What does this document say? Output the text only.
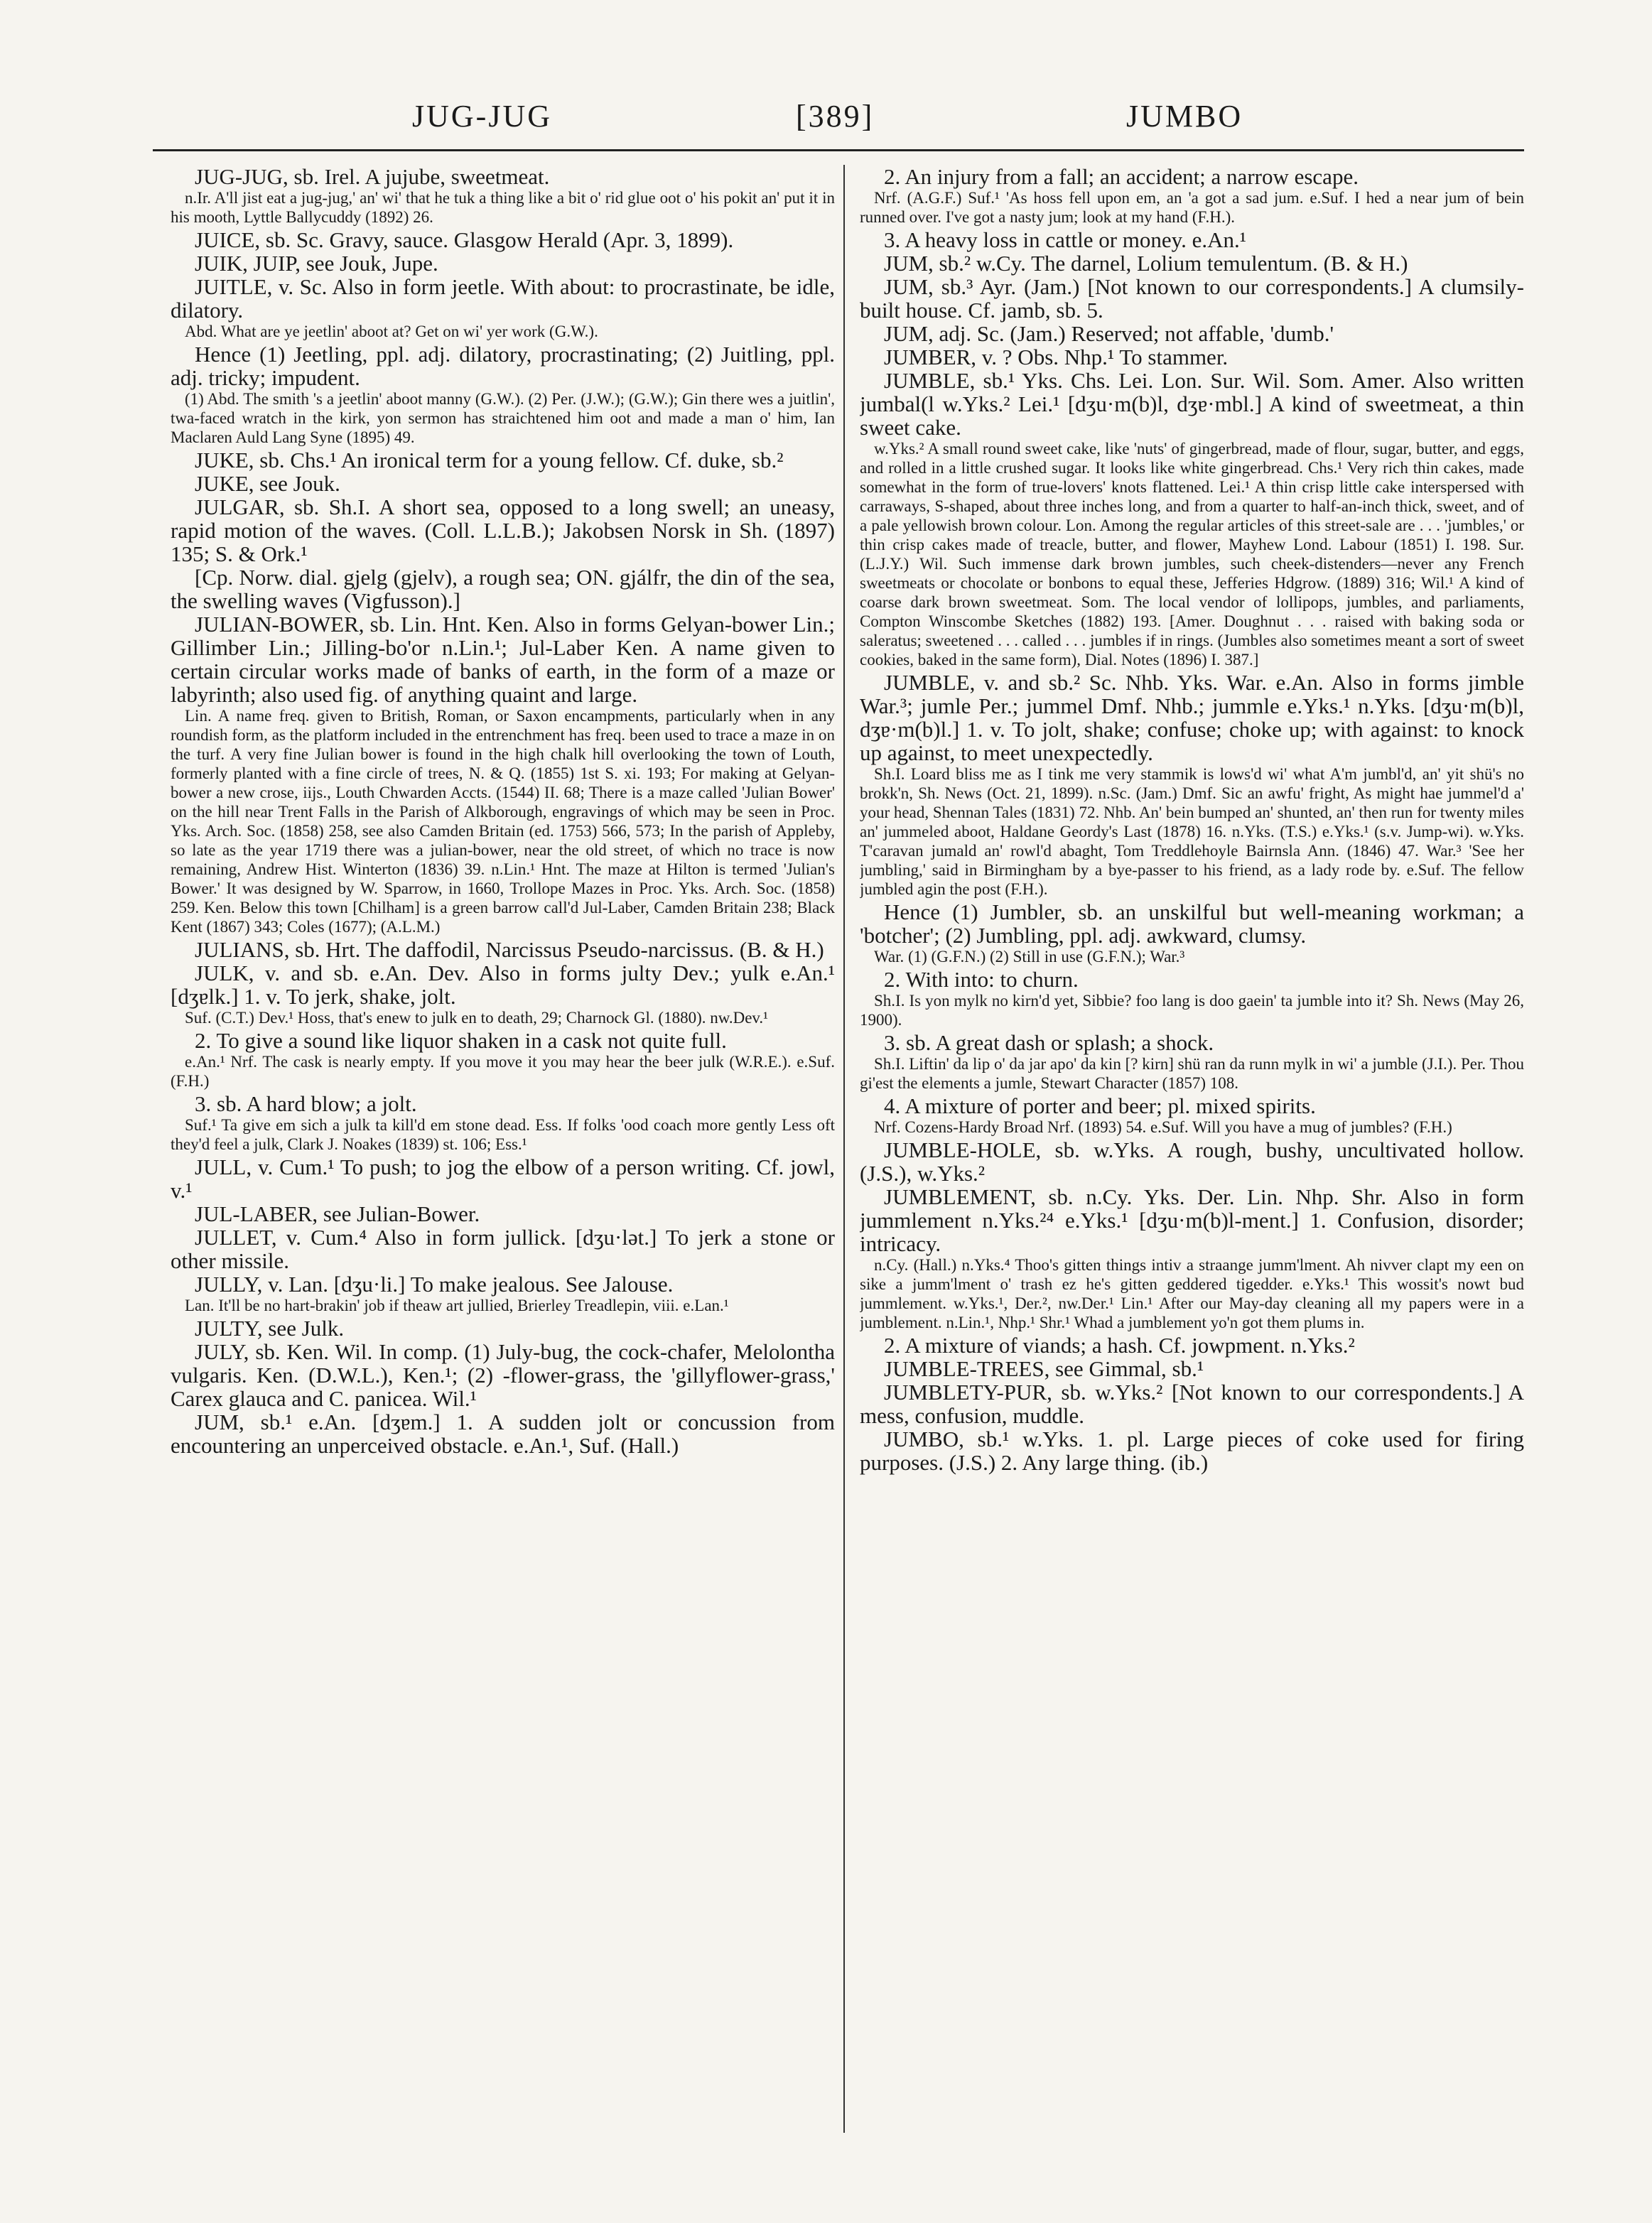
JUG-JUG	[389]	JUMBO

JUG-JUG, sb. Irel. A jujube, sweetmeat.

n.Ir. A'll jist eat a jug-jug,' an' wi' that he tuk a thing like a bit o' rid glue oot o' his pokit an' put it in his mooth, Lyttle Ballycuddy (1892) 26.

JUICE, sb. Sc. Gravy, sauce. Glasgow Herald (Apr. 3, 1899).

JUIK, JUIP, see Jouk, Jupe.

JUITLE, v. Sc. Also in form jeetle. With about: to procrastinate, be idle, dilatory.

Abd. What are ye jeetlin' aboot at? Get on wi' yer work (G.W.).

Hence (1) Jeetling, ppl. adj. dilatory, procrastinating; (2) Juitling, ppl. adj. tricky; impudent.

(1) Abd. The smith 's a jeetlin' aboot manny (G.W.). (2) Per. (J.W.); (G.W.); Gin there wes a juitlin', twa-faced wratch in the kirk, yon sermon has straichtened him oot and made a man o' him, Ian Maclaren Auld Lang Syne (1895) 49.

JUKE, sb. Chs.¹ An ironical term for a young fellow. Cf. duke, sb.²

JUKE, see Jouk.

JULGAR, sb. Sh.I. A short sea, opposed to a long swell; an uneasy, rapid motion of the waves. (Coll. L.L.B.); Jakobsen Norsk in Sh. (1897) 135; S. & Ork.¹

[Cp. Norw. dial. gjelg (gjelv), a rough sea; ON. gjálfr, the din of the sea, the swelling waves (Vigfusson).]

JULIAN-BOWER, sb. Lin. Hnt. Ken. Also in forms Gelyan-bower Lin.; Gillimber Lin.; Jilling-bo'or n.Lin.¹; Jul-Laber Ken. A name given to certain circular works made of banks of earth, in the form of a maze or labyrinth; also used fig. of anything quaint and large.

Lin. A name freq. given to British, Roman, or Saxon encampments, particularly when in any roundish form, as the platform included in the entrenchment has freq. been used to trace a maze in on the turf. A very fine Julian bower is found in the high chalk hill overlooking the town of Louth, formerly planted with a fine circle of trees, N. & Q. (1855) 1st S. xi. 193; For making at Gelyan-bower a new crose, iijs., Louth Chwarden Accts. (1544) II. 68; There is a maze called 'Julian Bower' on the hill near Trent Falls in the Parish of Alkborough, engravings of which may be seen in Proc. Yks. Arch. Soc. (1858) 258, see also Camden Britain (ed. 1753) 566, 573; In the parish of Appleby, so late as the year 1719 there was a julian-bower, near the old street, of which no trace is now remaining, Andrew Hist. Winterton (1836) 39. n.Lin.¹ Hnt. The maze at Hilton is termed 'Julian's Bower.' It was designed by W. Sparrow, in 1660, Trollope Mazes in Proc. Yks. Arch. Soc. (1858) 259. Ken. Below this town [Chilham] is a green barrow call'd Jul-Laber, Camden Britain 238; Black Kent (1867) 343; Coles (1677); (A.L.M.)

JULIANS, sb. Hrt. The daffodil, Narcissus Pseudo-narcissus. (B. & H.)

JULK, v. and sb. e.An. Dev. Also in forms julty Dev.; yulk e.An.¹ [dʒɐlk.] 1. v. To jerk, shake, jolt.

Suf. (C.T.) Dev.¹ Hoss, that's enew to julk en to death, 29; Charnock Gl. (1880). nw.Dev.¹

2. To give a sound like liquor shaken in a cask not quite full.

e.An.¹ Nrf. The cask is nearly empty. If you move it you may hear the beer julk (W.R.E.). e.Suf. (F.H.)

3. sb. A hard blow; a jolt.

Suf.¹ Ta give em sich a julk ta kill'd em stone dead. Ess. If folks 'ood coach more gently Less oft they'd feel a julk, Clark J. Noakes (1839) st. 106; Ess.¹

JULL, v. Cum.¹ To push; to jog the elbow of a person writing. Cf. jowl, v.¹

JUL-LABER, see Julian-Bower.

JULLET, v. Cum.⁴ Also in form jullick. [dʒu·lət.] To jerk a stone or other missile.

JULLY, v. Lan. [dʒu·li.] To make jealous. See Jalouse.

Lan. It'll be no hart-brakin' job if theaw art jullied, Brierley Treadlepin, viii. e.Lan.¹

JULTY, see Julk.

JULY, sb. Ken. Wil. In comp. (1) July-bug, the cock-chafer, Melolontha vulgaris. Ken. (D.W.L.), Ken.¹; (2) -flower-grass, the 'gillyflower-grass,' Carex glauca and C. panicea. Wil.¹

JUM, sb.¹ e.An. [dʒɐm.] 1. A sudden jolt or concussion from encountering an unperceived obstacle. e.An.¹, Suf. (Hall.)

2. An injury from a fall; an accident; a narrow escape.

Nrf. (A.G.F.) Suf.¹ 'As hoss fell upon em, an 'a got a sad jum. e.Suf. I hed a near jum of bein runned over. I've got a nasty jum; look at my hand (F.H.).

3. A heavy loss in cattle or money. e.An.¹

JUM, sb.² w.Cy. The darnel, Lolium temulentum. (B. & H.)

JUM, sb.³ Ayr. (Jam.) [Not known to our correspondents.] A clumsily-built house. Cf. jamb, sb. 5.

JUM, adj. Sc. (Jam.) Reserved; not affable, 'dumb.'

JUMBER, v. ? Obs. Nhp.¹ To stammer.

JUMBLE, sb.¹ Yks. Chs. Lei. Lon. Sur. Wil. Som. Amer. Also written jumbal(l w.Yks.² Lei.¹ [dʒu·m(b)l, dʒɐ·mbl.] A kind of sweetmeat, a thin sweet cake.

w.Yks.² A small round sweet cake, like 'nuts' of gingerbread, made of flour, sugar, butter, and eggs, and rolled in a little crushed sugar. It looks like white gingerbread. Chs.¹ Very rich thin cakes, made somewhat in the form of true-lovers' knots flattened. Lei.¹ A thin crisp little cake interspersed with carraways, S-shaped, about three inches long, and from a quarter to half-an-inch thick, sweet, and of a pale yellowish brown colour. Lon. Among the regular articles of this street-sale are . . . 'jumbles,' or thin crisp cakes made of treacle, butter, and flower, Mayhew Lond. Labour (1851) I. 198. Sur. (L.J.Y.) Wil. Such immense dark brown jumbles, such cheek-distenders—never any French sweetmeats or chocolate or bonbons to equal these, Jefferies Hdgrow. (1889) 316; Wil.¹ A kind of coarse dark brown sweetmeat. Som. The local vendor of lollipops, jumbles, and parliaments, Compton Winscombe Sketches (1882) 193. [Amer. Doughnut . . . raised with baking soda or saleratus; sweetened . . . called . . . jumbles if in rings. (Jumbles also sometimes meant a sort of sweet cookies, baked in the same form), Dial. Notes (1896) I. 387.]

JUMBLE, v. and sb.² Sc. Nhb. Yks. War. e.An. Also in forms jimble War.³; jumle Per.; jummel Dmf. Nhb.; jummle e.Yks.¹ n.Yks. [dʒu·m(b)l, dʒɐ·m(b)l.] 1. v. To jolt, shake; confuse; choke up; with against: to knock up against, to meet unexpectedly.

Sh.I. Loard bliss me as I tink me very stammik is lows'd wi' what A'm jumbl'd, an' yit shü's no brokk'n, Sh. News (Oct. 21, 1899). n.Sc. (Jam.) Dmf. Sic an awfu' fright, As might hae jummel'd a' your head, Shennan Tales (1831) 72. Nhb. An' bein bumped an' shunted, an' then run for twenty miles an' jummeled aboot, Haldane Geordy's Last (1878) 16. n.Yks. (T.S.) e.Yks.¹ (s.v. Jump-wi). w.Yks. T'caravan jumald an' rowl'd abaght, Tom Treddlehoyle Bairnsla Ann. (1846) 47. War.³ 'See her jumbling,' said in Birmingham by a bye-passer to his friend, as a lady rode by. e.Suf. The fellow jumbled agin the post (F.H.).

Hence (1) Jumbler, sb. an unskilful but well-meaning workman; a 'botcher'; (2) Jumbling, ppl. adj. awkward, clumsy.

War. (1) (G.F.N.) (2) Still in use (G.F.N.); War.³

2. With into: to churn.

Sh.I. Is yon mylk no kirn'd yet, Sibbie? foo lang is doo gaein' ta jumble into it? Sh. News (May 26, 1900).

3. sb. A great dash or splash; a shock.

Sh.I. Liftin' da lip o' da jar apo' da kin [? kirn] shü ran da runn mylk in wi' a jumble (J.I.). Per. Thou gi'est the elements a jumle, Stewart Character (1857) 108.

4. A mixture of porter and beer; pl. mixed spirits.

Nrf. Cozens-Hardy Broad Nrf. (1893) 54. e.Suf. Will you have a mug of jumbles? (F.H.)

JUMBLE-HOLE, sb. w.Yks. A rough, bushy, uncultivated hollow. (J.S.), w.Yks.²

JUMBLEMENT, sb. n.Cy. Yks. Der. Lin. Nhp. Shr. Also in form jummlement n.Yks.²⁴ e.Yks.¹ [dʒu·m(b)l-ment.] 1. Confusion, disorder; intricacy.

n.Cy. (Hall.) n.Yks.⁴ Thoo's gitten things intiv a straange jumm'lment. Ah nivver clapt my een on sike a jumm'lment o' trash ez he's gitten geddered tigedder. e.Yks.¹ This wossit's nowt bud jummlement. w.Yks.¹, Der.², nw.Der.¹ Lin.¹ After our May-day cleaning all my papers were in a jumblement. n.Lin.¹, Nhp.¹ Shr.¹ Whad a jumblement yo'n got them plums in.

2. A mixture of viands; a hash. Cf. jowpment. n.Yks.²

JUMBLE-TREES, see Gimmal, sb.¹

JUMBLETY-PUR, sb. w.Yks.² [Not known to our correspondents.] A mess, confusion, muddle.

JUMBO, sb.¹ w.Yks. 1. pl. Large pieces of coke used for firing purposes. (J.S.) 2. Any large thing. (ib.)
